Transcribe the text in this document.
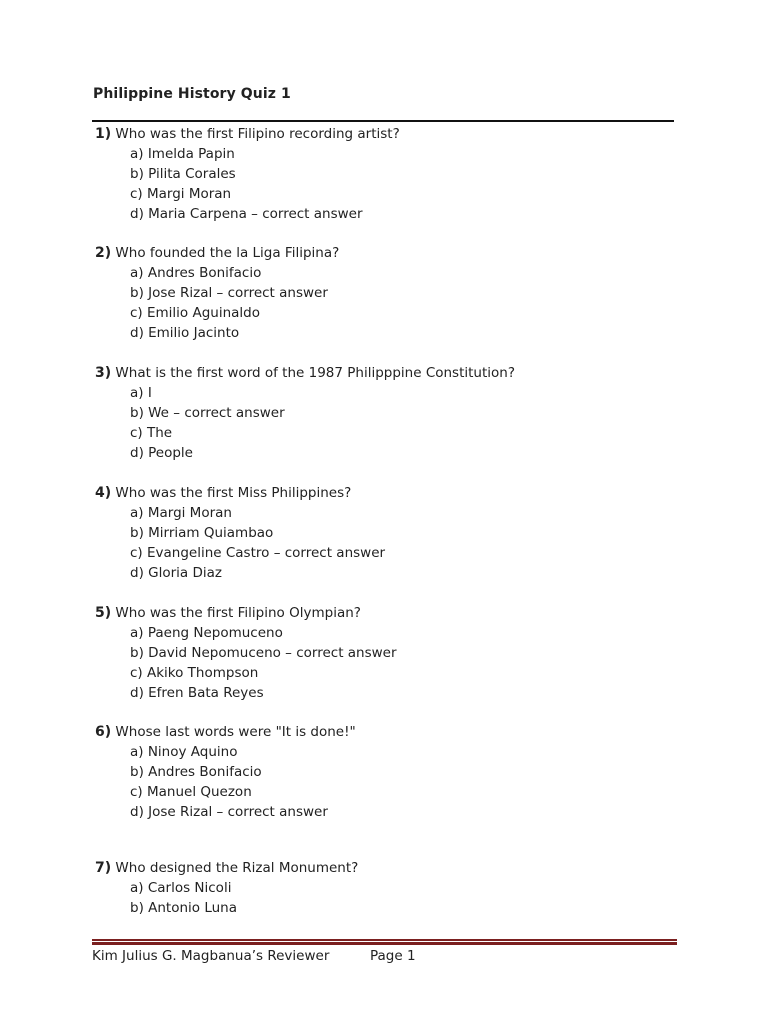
Philippine History Quiz 1
1) Who was the first Filipino recording artist?
a) Imelda Papin
b) Pilita Corales
c) Margi Moran
d) Maria Carpena – correct answer
2) Who founded the la Liga Filipina?
a) Andres Bonifacio
b) Jose Rizal – correct answer
c) Emilio Aguinaldo
d) Emilio Jacinto
3) What is the first word of the 1987 Philipppine Constitution?
a) I
b) We – correct answer
c) The
d) People
4) Who was the first Miss Philippines?
a) Margi Moran
b) Mirriam Quiambao
c) Evangeline Castro – correct answer
d) Gloria Diaz
5) Who was the first Filipino Olympian?
a) Paeng Nepomuceno
b) David Nepomuceno – correct answer
c) Akiko Thompson
d) Efren Bata Reyes
6) Whose last words were "It is done!"
a) Ninoy Aquino
b) Andres Bonifacio
c) Manuel Quezon
d) Jose Rizal – correct answer
7) Who designed the Rizal Monument?
a) Carlos Nicoli
b) Antonio Luna
Kim Julius G. Magbanua’s Reviewer	Page 1
